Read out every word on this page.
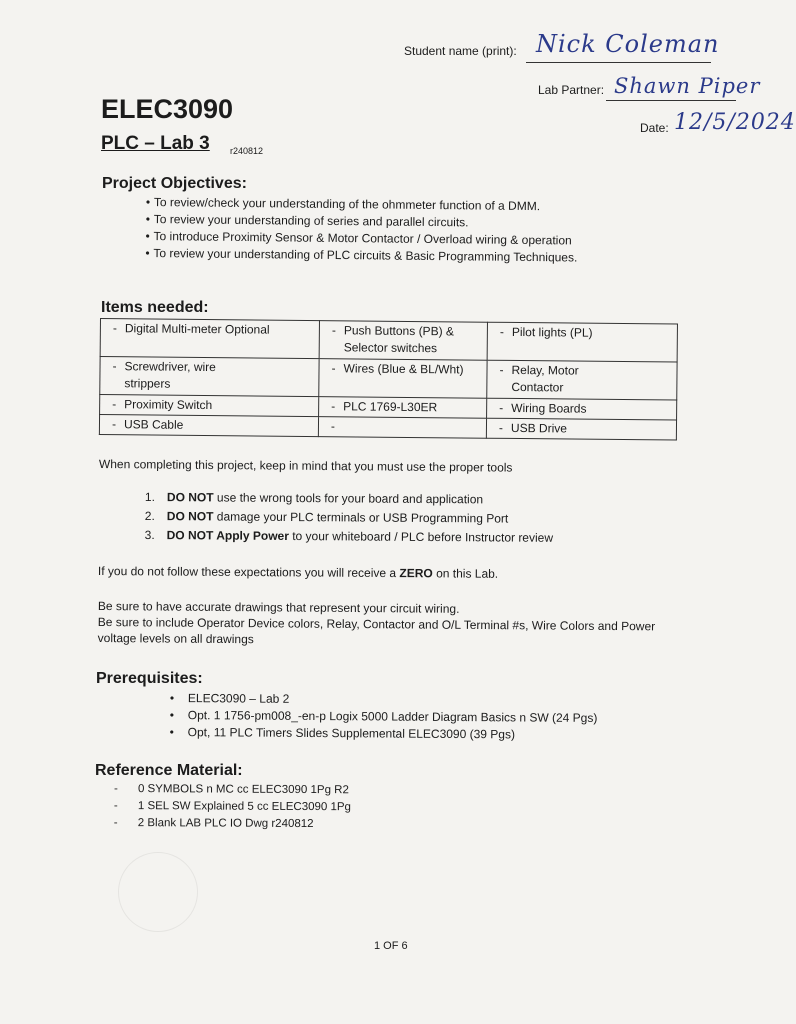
Student name (print): Nick Coleman
Lab Partner: Shawn Piper
Date: 12/5/2024
ELEC3090
PLC – Lab 3 r240812
Project Objectives:
• To review/check your understanding of the ohmmeter function of a DMM.
• To review your understanding of series and parallel circuits.
• To introduce Proximity Sensor & Motor Contactor / Overload wiring & operation
• To review your understanding of PLC circuits & Basic Programming Techniques.
Items needed:
- Digital Multi-meter Optional	- Push Buttons (PB) & Selector switches	- Pilot lights (PL)
- Screwdriver, wire strippers	- Wires (Blue & BL/Wht)	- Relay, Motor Contactor
- Proximity Switch	- PLC 1769-L30ER	- Wiring Boards
- USB Cable	-	- USB Drive
When completing this project, keep in mind that you must use the proper tools
1. DO NOT use the wrong tools for your board and application
2. DO NOT damage your PLC terminals or USB Programming Port
3. DO NOT Apply Power to your whiteboard / PLC before Instructor review
If you do not follow these expectations you will receive a ZERO on this Lab.
Be sure to have accurate drawings that represent your circuit wiring.
Be sure to include Operator Device colors, Relay, Contactor and O/L Terminal #s, Wire Colors and Power
voltage levels on all drawings
Prerequisites:
• ELEC3090 – Lab 2
• Opt. 1 1756-pm008_-en-p Logix 5000 Ladder Diagram Basics n SW (24 Pgs)
• Opt, 11 PLC Timers Slides Supplemental ELEC3090 (39 Pgs)
Reference Material:
- 0 SYMBOLS n MC cc ELEC3090 1Pg R2
- 1 SEL SW Explained 5 cc ELEC3090 1Pg
- 2 Blank LAB PLC IO Dwg r240812
1 OF 6
